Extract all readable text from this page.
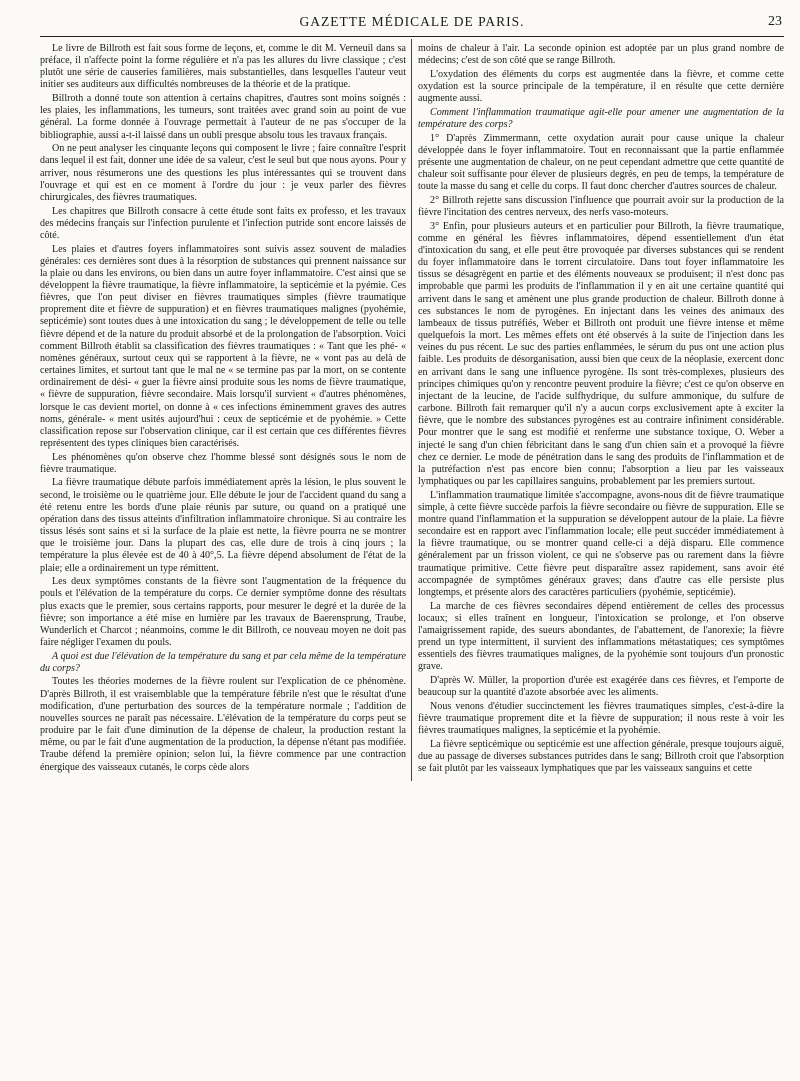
GAZETTE MÉDICALE DE PARIS.	23

Le livre de Billroth est fait sous forme de leçons, et, comme le dit M. Verneuil dans sa préface, il n'affecte point la forme régulière et n'a pas les allures du livre classique ; c'est plutôt une série de causeries familières, mais substantielles, dans lesquelles l'auteur veut initier ses auditeurs aux difficultés nombreuses de la théorie et de la pratique.

Billroth a donné toute son attention à certains chapitres, d'autres sont moins soignés : les plaies, les inflammations, les tumeurs, sont traitées avec grand soin au point de vue général. La forme donnée à l'ouvrage permettait à l'auteur de ne pas s'occuper de la bibliographie, aussi a-t-il laissé dans un oubli presque absolu tous les travaux français.

On ne peut analyser les cinquante leçons qui composent le livre ; faire connaître l'esprit dans lequel il est fait, donner une idée de sa valeur, c'est le seul but que nous ayons. Pour y arriver, nous résumerons une des questions les plus intéressantes qui se trouvent dans l'ouvrage et qui est en ce moment à l'ordre du jour : je veux parler des fièvres chirurgicales, des fièvres traumatiques.

Les chapitres que Billroth consacre à cette étude sont faits ex professo, et les travaux des médecins français sur l'infection purulente et l'infection putride sont encore laissés de côté.

Les plaies et d'autres foyers inflammatoires sont suivis assez souvent de maladies générales: ces dernières sont dues à la résorption de substances qui prennent naissance sur la plaie ou dans les environs, ou bien dans un autre foyer inflammatoire. C'est ainsi que se développent la fièvre traumatique, la fièvre inflammatoire, la septicémie et la pyémie. Ces fièvres, que l'on peut diviser en fièvres traumatiques simples (fièvre traumatique proprement dite et fièvre de suppuration) et en fièvres traumatiques malignes (pyohémie, septicémie) sont toutes dues à une intoxication du sang ; le développement de telle ou telle fièvre dépend et de la nature du produit absorbé et de la prolongation de l'absorption. Voici comment Billroth établit sa classification des fièvres traumatiques : « Tant que les phé- « nomènes généraux, surtout ceux qui se rapportent à la fièvre, ne « vont pas au delà de certaines limites, et surtout tant que le mal ne « se termine pas par la mort, on se contente ordinairement de dési- « guer la fièvre ainsi produite sous les noms de fièvre traumatique, « fièvre de suppuration, fièvre secondaire. Mais lorsqu'il survient « d'autres phénomènes, lorsque le cas devient mortel, on donne à « ces infections éminemment graves des autres noms, générale- « ment usités aujourd'hui : ceux de septicémie et de pyohémie. » Cette classification repose sur l'observation clinique, car il est certain que ces différentes fièvres représentent des types cliniques bien caractérisés.

Les phénomènes qu'on observe chez l'homme blessé sont désignés sous le nom de fièvre traumatique.

La fièvre traumatique débute parfois immédiatement après la lésion, le plus souvent le second, le troisième ou le quatrième jour. Elle débute le jour de l'accident quand du sang a été retenu entre les bords d'une plaie réunis par suture, ou quand on a pratiqué une opération dans des tissus atteints d'infiltration inflammatoire chronique. Si au contraire les tissus lésés sont sains et si la surface de la plaie est nette, la fièvre pourra ne se montrer que le troisième jour. Dans la plupart des cas, elle dure de trois à cinq jours ; la température la plus élevée est de 40 à 40°,5. La fièvre dépend absolument de l'état de la plaie; elle a ordinairement un type rémittent.

Les deux symptômes constants de la fièvre sont l'augmentation de la fréquence du pouls et l'élévation de la température du corps. Ce dernier symptôme donne des résultats plus exacts que le premier, sous certains rapports, pour mesurer le degré et la durée de la fièvre; son importance a été mise en lumière par les travaux de Baerensprung, Traube, Wunderlich et Charcot ; néanmoins, comme le dit Billroth, ce nouveau moyen ne doit pas faire négliger l'examen du pouls.

A quoi est due l'élévation de la température du sang et par cela même de la température du corps?

Toutes les théories modernes de la fièvre roulent sur l'explication de ce phénomène. D'après Billroth, il est vraisemblable que la température fébrile n'est que le résultat d'une modification, d'une perturbation des sources de la température normale ; l'addition de nouvelles sources ne paraît pas nécessaire. L'élévation de la température du corps peut se produire par le fait d'une diminution de la dépense de chaleur, la production restant la même, ou par le fait d'une augmentation de la production, la dépense n'étant pas modifiée. Traube défend la première opinion; selon lui, la fièvre commence par une contraction énergique des vaisseaux cutanés, le corps cède alors

moins de chaleur à l'air. La seconde opinion est adoptée par un plus grand nombre de médecins; c'est de son côté que se range Billroth.

L'oxydation des éléments du corps est augmentée dans la fièvre, et comme cette oxydation est la source principale de la température, il en résulte que cette dernière augmente aussi.

Comment l'inflammation traumatique agit-elle pour amener une augmentation de la température des corps?

1° D'après Zimmermann, cette oxydation aurait pour cause unique la chaleur développée dans le foyer inflammatoire. Tout en reconnaissant que la partie enflammée présente une augmentation de chaleur, on ne peut cependant admettre que cette quantité de chaleur soit suffisante pour élever de plusieurs degrés, en peu de temps, la température de toute la masse du sang et celle du corps. Il faut donc chercher d'autres sources de chaleur.

2° Billroth rejette sans discussion l'influence que pourrait avoir sur la production de la fièvre l'incitation des centres nerveux, des nerfs vaso-moteurs.

3° Enfin, pour plusieurs auteurs et en particulier pour Billroth, la fièvre traumatique, comme en général les fièvres inflammatoires, dépend essentiellement d'un état d'intoxication du sang, et elle peut être provoquée par diverses substances qui se rendent du foyer inflammatoire dans le torrent circulatoire. Dans tout foyer inflammatoire les tissus se désagrègent en partie et des éléments nouveaux se produisent; il n'est donc pas improbable que parmi les produits de l'inflammation il y en ait une certaine quantité qui arrivent dans le sang et amènent une plus grande production de chaleur. Billroth donne à ces substances le nom de pyrogènes. En injectant dans les veines des animaux des lambeaux de tissus putréfiés, Weber et Billroth ont produit une fièvre intense et même quelquefois la mort. Les mêmes effets ont été observés à la suite de l'injection dans les veines du pus récent. Le suc des parties enflammées, le sérum du pus ont une action plus faible. Les produits de désorganisation, aussi bien que ceux de la néoplasie, exercent donc en arrivant dans le sang une influence pyrogène. Ils sont très-complexes, plusieurs des principes chimiques qu'on y rencontre peuvent produire la fièvre; c'est ce qu'on observe en injectant de la leucine, de l'acide sulfhydrique, du sulfure ammonique, du sulfure de carbone. Billroth fait remarquer qu'il n'y a aucun corps exclusivement apte à exciter la fièvre, que le nombre des substances pyrogènes est au contraire infiniment considérable. Pour montrer que le sang est modifié et renferme une substance toxique, O. Weber a injecté le sang d'un chien fébricitant dans le sang d'un chien sain et a provoqué la fièvre chez ce dernier. Le mode de pénétration dans le sang des produits de l'inflammation et de la putréfaction n'est pas encore bien connu; l'absorption a lieu par les vaisseaux lymphatiques ou par les capillaires sanguins, probablement par les premiers surtout.

L'inflammation traumatique limitée s'accompagne, avons-nous dit de fièvre traumatique simple, à cette fièvre succède parfois la fièvre secondaire ou fièvre de suppuration. Elle se montre quand l'inflammation et la suppuration se développent autour de la plaie. La fièvre secondaire est en rapport avec l'inflammation locale; elle peut succéder immédiatement à la fièvre traumatique, ou se montrer quand celle-ci a déjà disparu. Elle commence généralement par un frisson violent, ce qui ne s'observe pas ou rarement dans la fièvre traumatique primitive. Cette fièvre peut disparaître assez rapidement, sans avoir été accompagnée de symptômes généraux graves; dans d'autre cas elle persiste plus longtemps, et présente alors des caractères particuliers (pyohémie, septicémie).

La marche de ces fièvres secondaires dépend entièrement de celles des processus locaux; si elles traînent en longueur, l'intoxication se prolonge, et l'on observe l'amaigrissement rapide, des sueurs abondantes, de l'abattement, de l'anorexie; la fièvre prend un type intermittent, il survient des inflammations métastatiques; ces symptômes essentiels des fièvres traumatiques malignes, de la pyohémie sont toujours d'un pronostic grave.

D'après W. Müller, la proportion d'urée est exagérée dans ces fièvres, et l'emporte de beaucoup sur la quantité d'azote absorbée avec les aliments.

Nous venons d'étudier succinctement les fièvres traumatiques simples, c'est-à-dire la fièvre traumatique proprement dite et la fièvre de suppuration; il nous reste à voir les fièvres traumatiques malignes, la septicémie et la pyohémie.

La fièvre septicémique ou septicémie est une affection générale, presque toujours aiguë, due au passage de diverses substances putrides dans le sang; Billroth croit que l'absorption se fait plutôt par les vaisseaux lymphatiques que par les vaisseaux sanguins et cette
